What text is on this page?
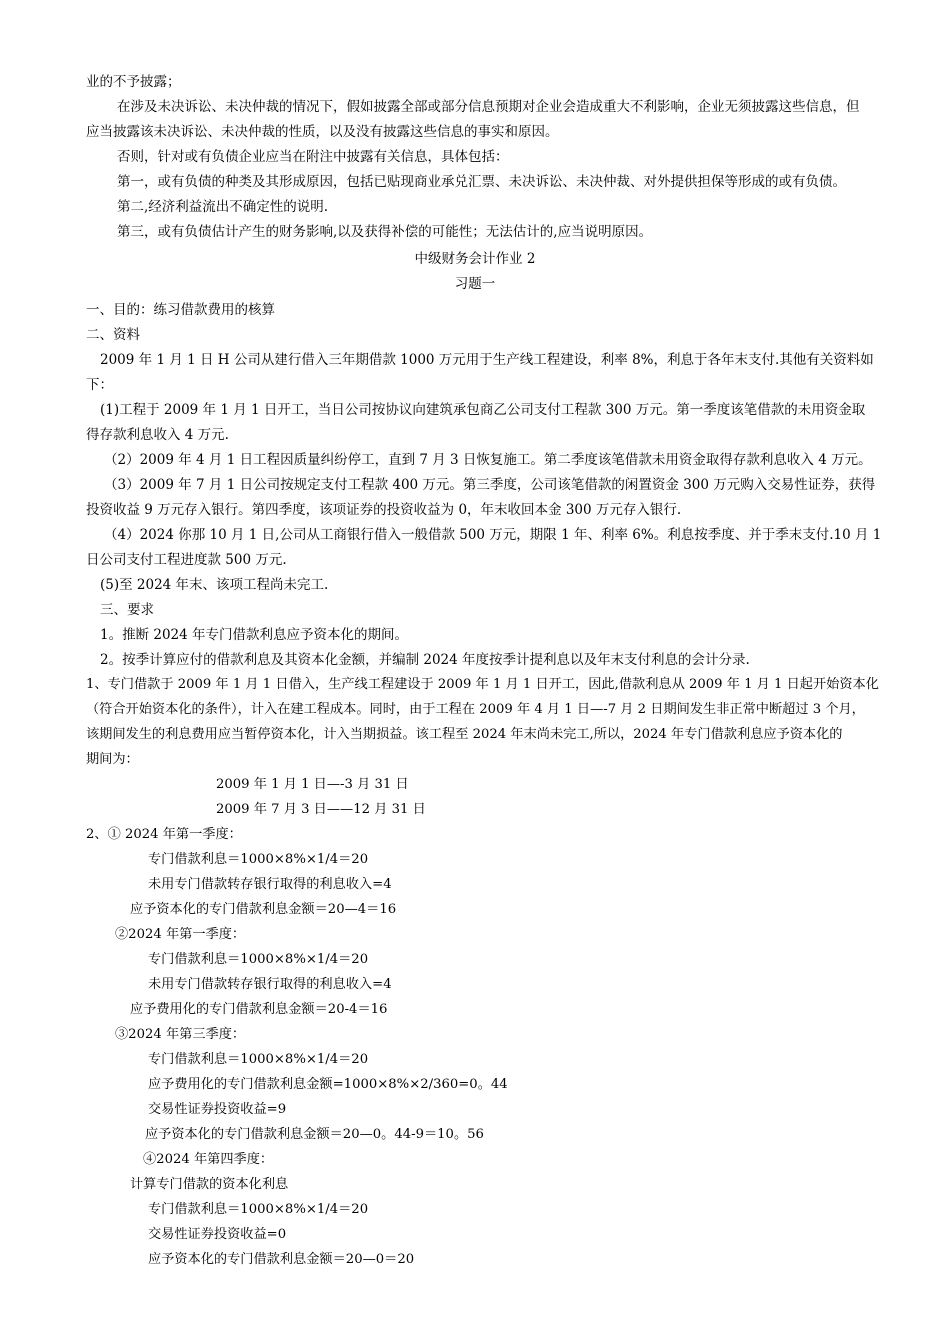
业的不予披露；
在涉及未决诉讼、未决仲裁的情况下，假如披露全部或部分信息预期对企业会造成重大不利影响，企业无须披露这些信息，但
应当披露该未决诉讼、未决仲裁的性质，以及没有披露这些信息的事实和原因。
否则，针对或有负债企业应当在附注中披露有关信息，具体包括：
第一，或有负债的种类及其形成原因，包括已贴现商业承兑汇票、未决诉讼、未决仲裁、对外提供担保等形成的或有负债。
第二,经济利益流出不确定性的说明.
第三，或有负债估计产生的财务影响,以及获得补偿的可能性；无法估计的,应当说明原因。
中级财务会计作业 2
习题一
一、目的：练习借款费用的核算
二、资料
2009 年 1 月 1 日 H 公司从建行借入三年期借款 1000 万元用于生产线工程建设，利率 8%，利息于各年末支付.其他有关资料如
下：
(1)工程于 2009 年 1 月 1 日开工，当日公司按协议向建筑承包商乙公司支付工程款 300 万元。第一季度该笔借款的未用资金取
得存款利息收入 4 万元.
（2）2009 年 4 月 1 日工程因质量纠纷停工，直到 7 月 3 日恢复施工。第二季度该笔借款未用资金取得存款利息收入 4 万元。
（3）2009 年 7 月 1 日公司按规定支付工程款 400 万元。第三季度，公司该笔借款的闲置资金 300 万元购入交易性证券，获得
投资收益 9 万元存入银行。第四季度，该项证券的投资收益为 0，年末收回本金 300 万元存入银行.
（4）2024 你那 10 月 1 日,公司从工商银行借入一般借款 500 万元，期限 1 年、利率 6%。利息按季度、并于季末支付.10 月 1
日公司支付工程进度款 500 万元.
(5)至 2024 年末、该项工程尚未完工.
三、要求
1。推断 2024 年专门借款利息应予资本化的期间。
2。按季计算应付的借款利息及其资本化金额，并编制 2024 年度按季计提利息以及年末支付利息的会计分录.
1、专门借款于 2009 年 1 月 1 日借入，生产线工程建设于 2009 年 1 月 1 日开工，因此,借款利息从 2009 年 1 月 1 日起开始资本化
（符合开始资本化的条件），计入在建工程成本。同时，由于工程在 2009 年 4 月 1 日—-7 月 2 日期间发生非正常中断超过 3 个月，
该期间发生的利息费用应当暂停资本化，计入当期损益。该工程至 2024 年末尚未完工,所以，2024 年专门借款利息应予资本化的
期间为：
2009 年 1 月 1 日—-3 月 31 日
2009 年 7 月 3 日——12 月 31 日
2、① 2024 年第一季度：
专门借款利息＝1000×8%×1/4＝20
未用专门借款转存银行取得的利息收入=4
应予资本化的专门借款利息金额＝20—4＝16
②2024 年第一季度：
专门借款利息＝1000×8%×1/4＝20
未用专门借款转存银行取得的利息收入=4
应予费用化的专门借款利息金额＝20-4＝16
③2024 年第三季度：
专门借款利息＝1000×8%×1/4＝20
应予费用化的专门借款利息金额=1000×8%×2/360=0。44
交易性证券投资收益=9
应予资本化的专门借款利息金额＝20—0。44-9＝10。56
④2024 年第四季度：
计算专门借款的资本化利息
专门借款利息＝1000×8%×1/4＝20
交易性证券投资收益=0
应予资本化的专门借款利息金额＝20—0＝20
